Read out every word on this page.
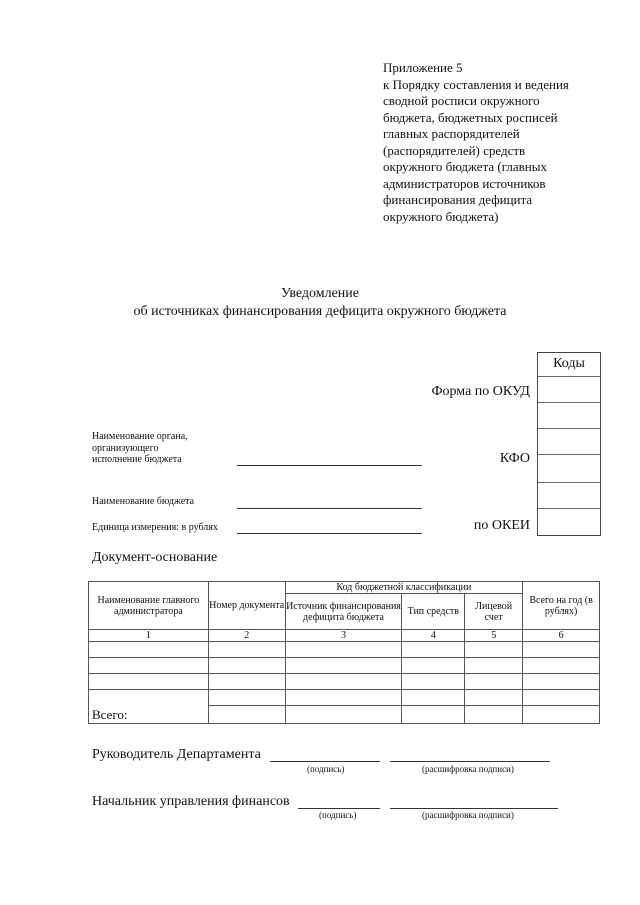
Приложение 5
к Порядку составления и ведения
сводной росписи окружного
бюджета, бюджетных росписей
главных распорядителей
(распорядителей) средств
окружного бюджета (главных
администраторов источников
финансирования дефицита
окружного бюджета)
Уведомление
об источниках финансирования дефицита окружного бюджета
Коды
Форма по ОКУД
КФО
по ОКЕИ
Наименование органа,
организующего
исполнение бюджета
Наименование бюджета
Единица измерения: в рублях
Документ-основание
Наименование главного администратора	Номер документа	Код бюджетной классификации			Всего на год (в рублях)
		Источник финансирования дефицита бюджета	Тип средств	Лицевой счет	
1	2	3	4	5	6

Всего:					
Руководитель Департамента
(подпись)	(расшифровка подписи)
Начальник управления финансов
(подпись)	(расшифровка подписи)
